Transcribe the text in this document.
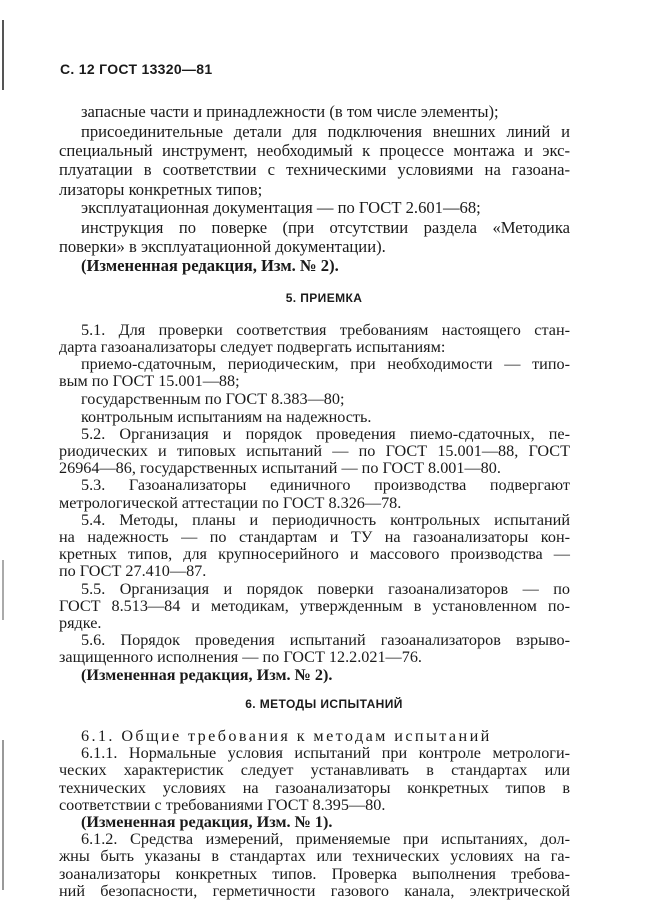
С. 12 ГОСТ 13320—81
запасные части и принадлежности (в том числе элементы);
присоединительные детали для подключения внешних линий и
специальный инструмент, необходимый к процессе монтажа и экс-
плуатации в соответствии с техническими условиями на газоана-
лизаторы конкретных типов;
эксплуатационная документация — по ГОСТ 2.601—68;
инструкция по поверке (при отсутствии раздела «Методика
поверки» в эксплуатационной документации).
(Измененная редакция, Изм. № 2).
5. ПРИЕМКА
5.1. Для проверки соответствия требованиям настоящего стан-
дарта газоанализаторы следует подвергать испытаниям:
приемо-сдаточным, периодическим, при необходимости — типо-
вым по ГОСТ 15.001—88;
государственным по ГОСТ 8.383—80;
контрольным испытаниям на надежность.
5.2. Организация и порядок проведения пиемо-сдаточных, пе-
риодических и типовых испытаний — по ГОСТ 15.001—88, ГОСТ
26964—86, государственных испытаний — по ГОСТ 8.001—80.
5.3. Газоанализаторы единичного производства подвергают
метрологической аттестации по ГОСТ 8.326—78.
5.4. Методы, планы и периодичность контрольных испытаний
на надежность — по стандартам и ТУ на газоанализаторы кон-
кретных типов, для крупносерийного и массового производства —
по ГОСТ 27.410—87.
5.5. Организация и порядок поверки газоанализаторов — по
ГОСТ 8.513—84 и методикам, утвержденным в установленном по-
рядке.
5.6. Порядок проведения испытаний газоанализаторов взрыво-
защищенного исполнения — по ГОСТ 12.2.021—76.
(Измененная редакция, Изм. № 2).
6. МЕТОДЫ ИСПЫТАНИЙ
6.1. Общие требования к методам испытаний
6.1.1. Нормальные условия испытаний при контроле метрологи-
ческих характеристик следует устанавливать в стандартах или
технических условиях на газоанализаторы конкретных типов в
соответствии с требованиями ГОСТ 8.395—80.
(Измененная редакция, Изм. № 1).
6.1.2. Средства измерений, применяемые при испытаниях, дол-
жны быть указаны в стандартах или технических условиях на га-
зоанализаторы конкретных типов. Проверка выполнения требова-
ний безопасности, герметичности газового канала, электрической
